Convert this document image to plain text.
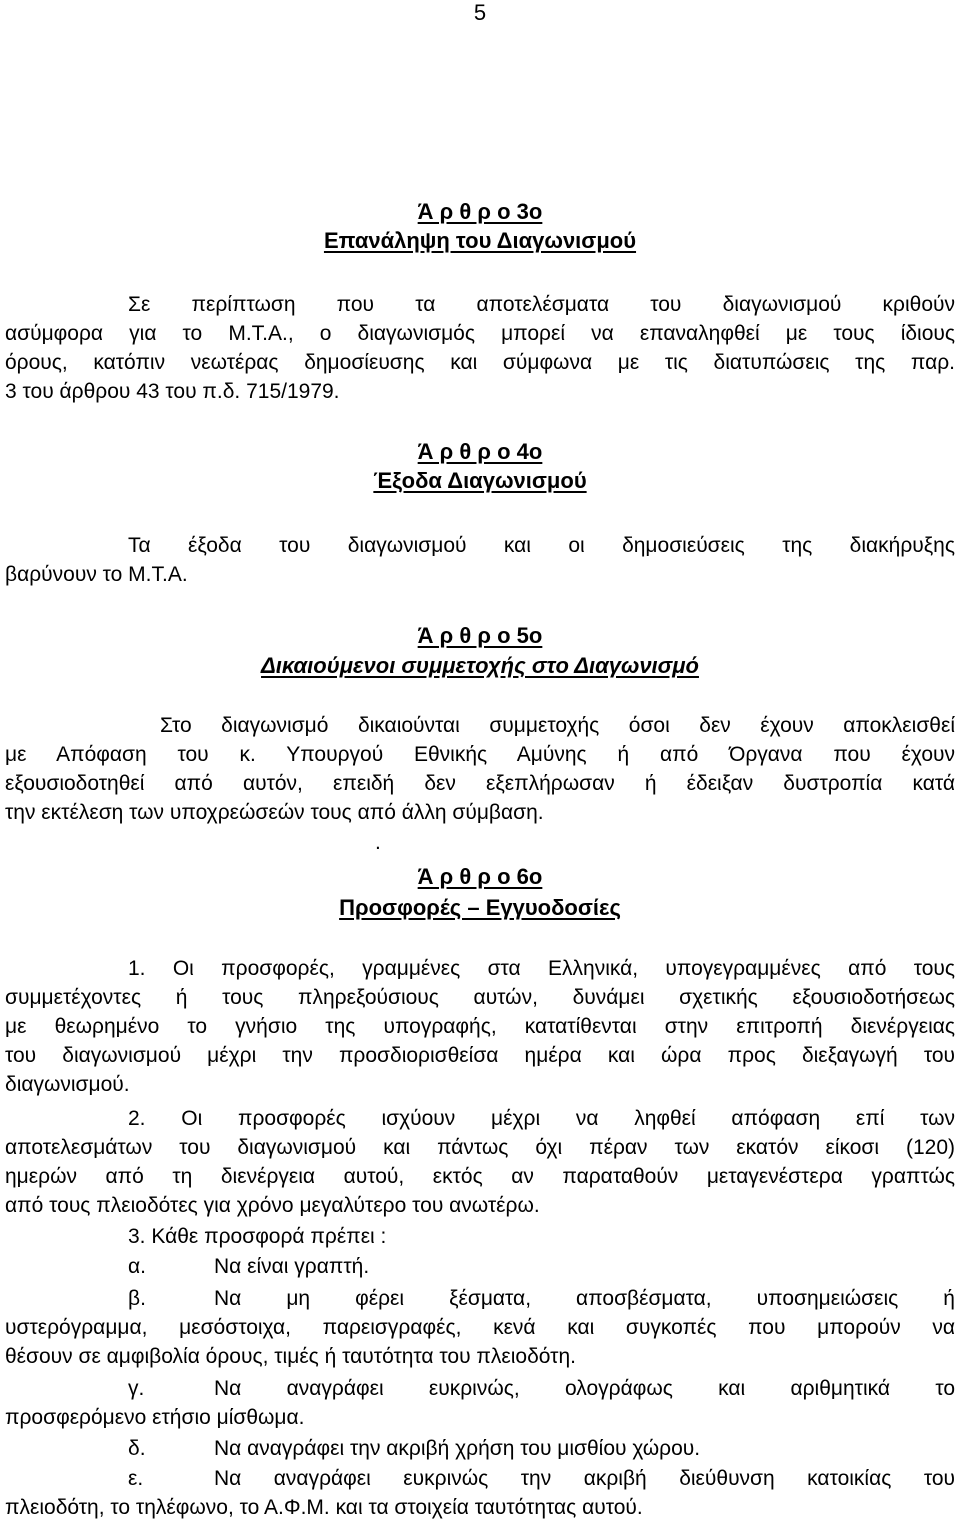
5
Ά ρ θ ρ ο 3ο
Επανάληψη του Διαγωνισμού
Σε περίπτωση που τα αποτελέσματα του διαγωνισμού κριθούν
ασύμφορα για το Μ.Τ.Α., ο διαγωνισμός μπορεί να επαναληφθεί με τους ίδιους
όρους, κατόπιν νεωτέρας δημοσίευσης και σύμφωνα με τις διατυπώσεις της παρ.
3 του άρθρου 43 του π.δ. 715/1979.
Ά ρ θ ρ ο 4ο
Έξοδα Διαγωνισμού
Τα έξοδα του διαγωνισμού και οι δημοσιεύσεις της διακήρυξης
βαρύνουν το Μ.Τ.Α.
Ά ρ θ ρ ο 5ο
Δικαιούμενοι συμμετοχής στο Διαγωνισμό
Στο διαγωνισμό δικαιούνται συμμετοχής όσοι δεν έχουν αποκλεισθεί
με Απόφαση του κ. Υπουργού Εθνικής Αμύνης ή από Όργανα που έχουν
εξουσιοδοτηθεί από αυτόν, επειδή δεν εξεπλήρωσαν ή έδειξαν δυστροπία κατά
την εκτέλεση των υποχρεώσεών τους από άλλη σύμβαση.
.
Ά ρ θ ρ ο 6ο
Προσφορές – Εγγυοδοσίες
1. Οι προσφορές, γραμμένες στα Ελληνικά, υπογεγραμμένες από τους
συμμετέχοντες ή τους πληρεξούσιους αυτών, δυνάμει σχετικής εξουσιοδοτήσεως
με θεωρημένο το γνήσιο της υπογραφής, κατατίθενται στην επιτροπή διενέργειας
του διαγωνισμού μέχρι την προσδιορισθείσα ημέρα και ώρα προς διεξαγωγή του
διαγωνισμού.
2. Οι προσφορές ισχύουν μέχρι να ληφθεί απόφαση επί των
αποτελεσμάτων του διαγωνισμού και πάντως όχι πέραν των εκατόν είκοσι (120)
ημερών από τη διενέργεια αυτού, εκτός αν παραταθούν μεταγενέστερα γραπτώς
από τους πλειοδότες για χρόνο μεγαλύτερο του ανωτέρω.
3. Κάθε προσφορά πρέπει :
α.	Να είναι γραπτή.
β.	Να μη φέρει ξέσματα, αποσβέσματα, υποσημειώσεις ή
υστερόγραμμα, μεσόστοιχα, παρεισγραφές, κενά και συγκοπές που μπορούν να
θέσουν σε αμφιβολία όρους, τιμές ή ταυτότητα του πλειοδότη.
γ.	Να αναγράφει ευκρινώς, ολογράφως και αριθμητικά το
προσφερόμενο ετήσιο μίσθωμα.
δ.	Να αναγράφει την ακριβή χρήση του μισθίου χώρου.
ε.	Να αναγράφει ευκρινώς την ακριβή διεύθυνση κατοικίας του
πλειοδότη, το τηλέφωνο, το Α.Φ.Μ. και τα στοιχεία ταυτότητας αυτού.
